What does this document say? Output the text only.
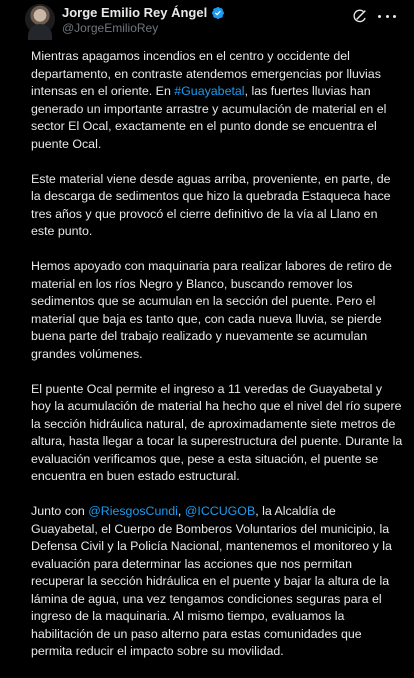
Jorge Emilio Rey Ángel
@JorgeEmilioRey

Mientras apagamos incendios en el centro y occidente del departamento, en contraste atendemos emergencias por lluvias intensas en el oriente. En #Guayabetal, las fuertes lluvias han generado un importante arrastre y acumulación de material en el sector El Ocal, exactamente en el punto donde se encuentra el puente Ocal.

Este material viene desde aguas arriba, proveniente, en parte, de la descarga de sedimentos que hizo la quebrada Estaqueca hace tres años y que provocó el cierre definitivo de la vía al Llano en este punto.

Hemos apoyado con maquinaria para realizar labores de retiro de material en los ríos Negro y Blanco, buscando remover los sedimentos que se acumulan en la sección del puente. Pero el material que baja es tanto que, con cada nueva lluvia, se pierde buena parte del trabajo realizado y nuevamente se acumulan grandes volúmenes.

El puente Ocal permite el ingreso a 11 veredas de Guayabetal y hoy la acumulación de material ha hecho que el nivel del río supere la sección hidráulica natural, de aproximadamente siete metros de altura, hasta llegar a tocar la superestructura del puente. Durante la evaluación verificamos que, pese a esta situación, el puente se encuentra en buen estado estructural.

Junto con @RiesgosCundi, @ICCUGOB, la Alcaldía de Guayabetal, el Cuerpo de Bomberos Voluntarios del municipio, la Defensa Civil y la Policía Nacional, mantenemos el monitoreo y la evaluación para determinar las acciones que nos permitan recuperar la sección hidráulica en el puente y bajar la altura de la lámina de agua, una vez tengamos condiciones seguras para el ingreso de la maquinaria. Al mismo tiempo, evaluamos la habilitación de un paso alterno para estas comunidades que permita reducir el impacto sobre su movilidad.
